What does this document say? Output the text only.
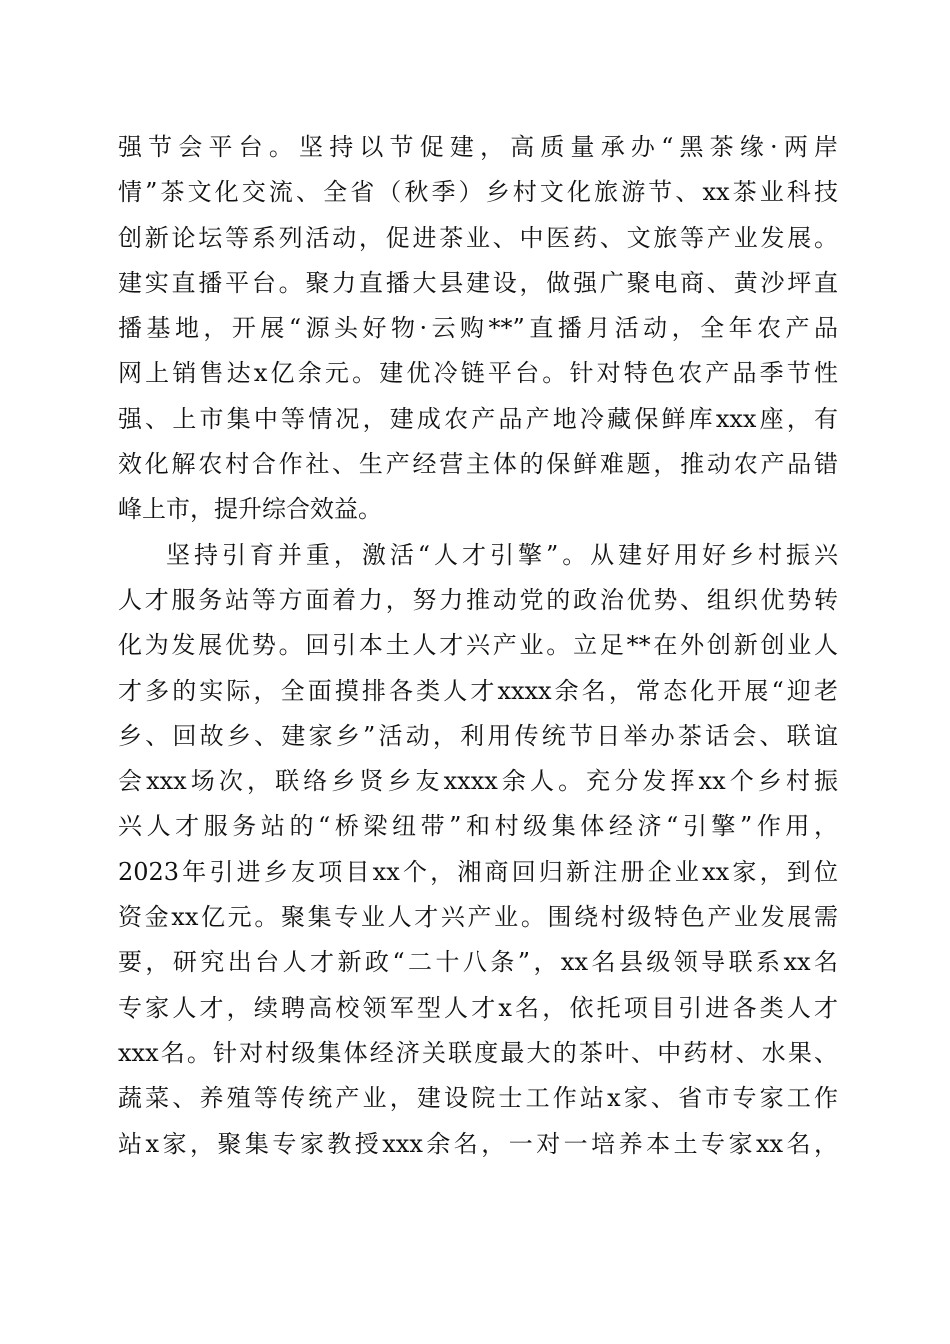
强节会平台。坚持以节促建，高质量承办“黑茶缘·两岸
情”茶文化交流、全省（秋季）乡村文化旅游节、xx茶业科技
创新论坛等系列活动，促进茶业、中医药、文旅等产业发展。
建实直播平台。聚力直播大县建设，做强广聚电商、黄沙坪直
播基地，开展“源头好物·云购**”直播月活动，全年农产品
网上销售达x亿余元。建优冷链平台。针对特色农产品季节性
强、上市集中等情况，建成农产品产地冷藏保鲜库xxx座，有
效化解农村合作社、生产经营主体的保鲜难题，推动农产品错
峰上市，提升综合效益。
坚持引育并重，激活“人才引擎”。从建好用好乡村振兴
人才服务站等方面着力，努力推动党的政治优势、组织优势转
化为发展优势。回引本土人才兴产业。立足**在外创新创业人
才多的实际，全面摸排各类人才xxxx余名，常态化开展“迎老
乡、回故乡、建家乡”活动，利用传统节日举办茶话会、联谊
会xxx场次，联络乡贤乡友xxxx余人。充分发挥xx个乡村振
兴人才服务站的“桥梁纽带”和村级集体经济“引擎”作用，
2023年引进乡友项目xx个，湘商回归新注册企业xx家，到位
资金xx亿元。聚集专业人才兴产业。围绕村级特色产业发展需
要，研究出台人才新政“二十八条”，xx名县级领导联系xx名
专家人才，续聘高校领军型人才x名，依托项目引进各类人才
xxx名。针对村级集体经济关联度最大的茶叶、中药材、水果、
蔬菜、养殖等传统产业，建设院士工作站x家、省市专家工作
站x家，聚集专家教授xxx余名，一对一培养本土专家xx名，
